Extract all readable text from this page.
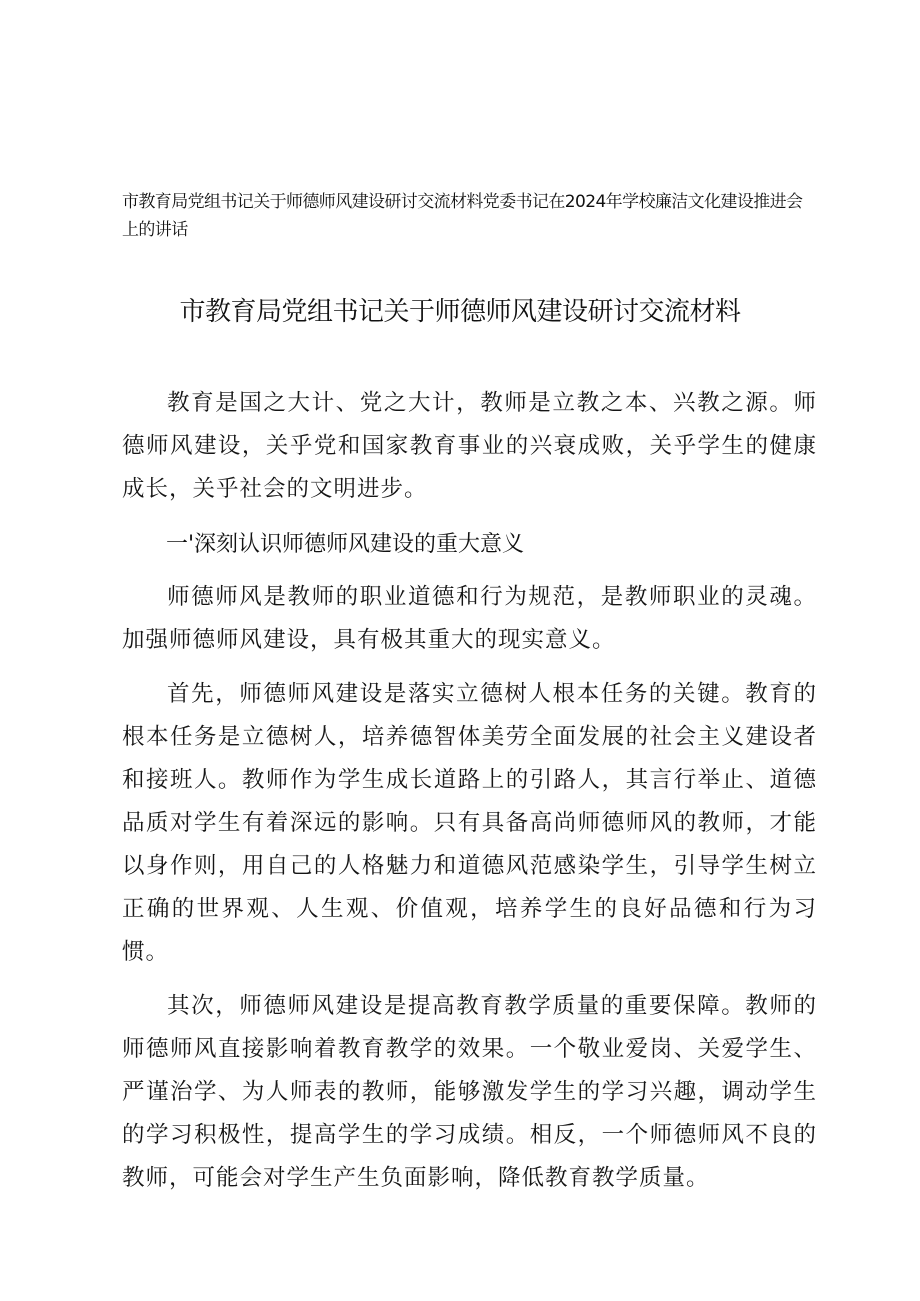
市教育局党组书记关于师德师风建设研讨交流材料党委书记在2024年学校廉洁文化建设推进会上的讲话
市教育局党组书记关于师德师风建设研讨交流材料

教育是国之大计、党之大计，教师是立教之本、兴教之源。师德师风建设，关乎党和国家教育事业的兴衰成败，关乎学生的健康成长，关乎社会的文明进步。

一'深刻认识师德师风建设的重大意义

师德师风是教师的职业道德和行为规范，是教师职业的灵魂。加强师德师风建设，具有极其重大的现实意义。

首先，师德师风建设是落实立德树人根本任务的关键。教育的根本任务是立德树人，培养德智体美劳全面发展的社会主义建设者和接班人。教师作为学生成长道路上的引路人，其言行举止、道德品质对学生有着深远的影响。只有具备高尚师德师风的教师，才能以身作则，用自己的人格魅力和道德风范感染学生，引导学生树立正确的世界观、人生观、价值观，培养学生的良好品德和行为习惯。

其次，师德师风建设是提高教育教学质量的重要保障。教师的师德师风直接影响着教育教学的效果。一个敬业爱岗、关爱学生、严谨治学、为人师表的教师，能够激发学生的学习兴趣，调动学生的学习积极性，提高学生的学习成绩。相反，一个师德师风不良的教师，可能会对学生产生负面影响，降低教育教学质量。
